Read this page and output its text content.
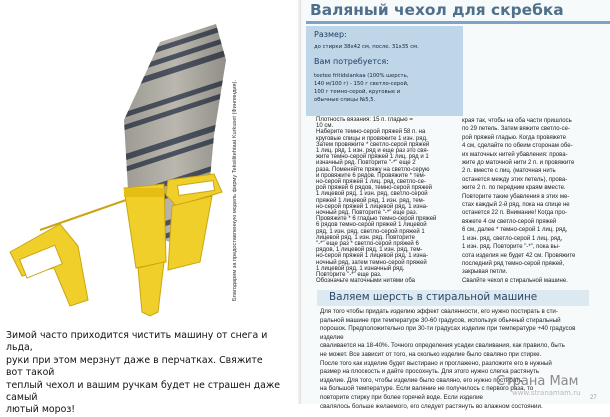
Благодарим за предоставленную модель фирму Teksiilitehtaat Kurkuset (Финляндия).
Зимой часто приходится чистить машину от снега и льда,
руки при этом мерзнут даже в перчатках. Свяжите вот такой
теплый чехол и вашим ручкам будет не страшен даже самый
лютый мороз!
Валяный чехол для скребка
Размер:
до стирки 38х42 см, после. 31х35 см.
Вам потребуется:
teetee fritidslankaa (100% шерсть,
140 м/100 г) - 150 г светло-серой,
100 г темно-серой, круговые и
обычные спицы №5,5.
Плотность вязания: 15 п. гладью =
10 см.
Наберите темно-серой пряжей 58 п. на
круговые спицы и провяжите 1 изн. ряд.
Затем провяжите * светло-серой пряжей
1 лиц. ряд, 1 изн. ряд и еще раз это свя-
жите темно-серой пряжей 1 лиц. ряд и 1
изначный ряд. Повторите "-*" еще 2
раза. Поменяйте пряжу на светло-серую
и провяжите 6 рядов. Провяжите * тем-
но-серой пряжей 1 лиц. ряд, светло-се-
рой пряжей 6 рядов, темно-серой пряжей
1 лицевой ряд, 1 изн. ряд, светло-серой
пряжей 1 лицевой ряд, 1 изн. ряд, тем-
но-серой пряжей 1 лицевой ряд, 1 изна-
ночный ряд. Повторите "-*" еще раз.
Провяжите * 6 гладью темно-серой пряжей
6 рядов темно-серой пряжей 1 лицевой
ряд, 1 изн. ряд, светло-серой пряжей 1
лицевой ряд, 1 изн. ряд. Повторите
"-*" еще раз * светло-серой пряжей 6
рядов, 1 лицевой ряд, 1 изн. ряд, тем-
но-серой пряжей 1 лицевой ряд, 1 изна-
ночный ряд, затем темно-серой пряжей
1 лицевой ряд, 1 изначный ряд.
Повторите "-*" еще раз.
Обозначьте маточными нитями оба
края так, чтобы на оба части пришлось
по 29 петель. Затем вяжите светло-се-
рой пряжей гладью. Когда провяжете
4 см, сделайте по обеим сторонам обе-
их маточных нитей убавления: прова-
жите до маточной нити 2 п. и провяжите
2 п. вместе с лиц. (маточная нить
останется между этих петель), прова-
жите 2 п. по передним краям вместе.
Повторите такие убавления в этих ме-
стах каждый 2-й ряд, пока на спице не
останется 22 п. Внимание! Когда про-
вяжете 4 см светло-серой пряжей
6 см, далее * темно-серой 1 лиц. ряд,
1 изн. ряд, светло-серой 1 лиц. ряд,
1 изн. ряд. Повторите "-*", пока вы-
сота изделия не будет 42 см. Провяжите
последний ряд темно-серой пряжей,
закрывая петли.
Свалйте чехол в стиральной машине.
Валяем шерсть в стиральной машине
Для того чтобы придать изделию эффект свалянности, его нужно постирать в сти-
ральной машине при температуре 30-60 градусов, используя обычный стиральный
порошок. Предположительно при 30-ти градусах изделие при температуре +40 градусов изделие
сваливается на 18-40%. Точного определения усадки сваливания, как правило, быть
не может. Все зависит от того, на сколько изделие было сваляно при стирке.
После того как изделие будет выстирано и проглажено, разложите его в нужный
размер на плоскость и дайте просохнуть. Для этого нужно слегка растянуть
изделие. Для того, чтобы изделие было сваляно, его нужно постирать
на большой температуре. Если валяние не получилось с первого раза, то
повторите стирку при более горячей воде. Если изделие
свалялось больше желаемого, его следует растянуть во влажном состоянии.
Страна Мам
www.stranamam.ru
27
